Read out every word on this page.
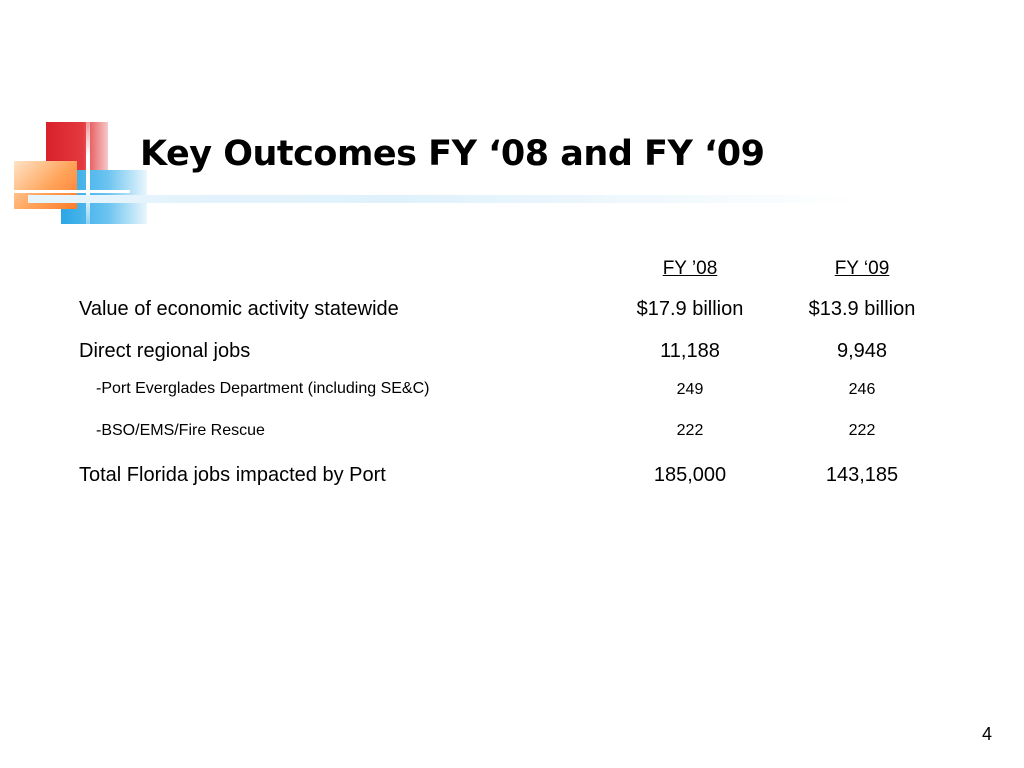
Key Outcomes FY ‘08 and FY ‘09
FY ’08	FY ‘09
Value of economic activity statewide	$17.9 billion	$13.9 billion
Direct regional jobs	11,188	9,948
-Port Everglades Department (including SE&C)	249	246
-BSO/EMS/Fire Rescue	222	222
Total Florida jobs impacted by Port	185,000	143,185
4
